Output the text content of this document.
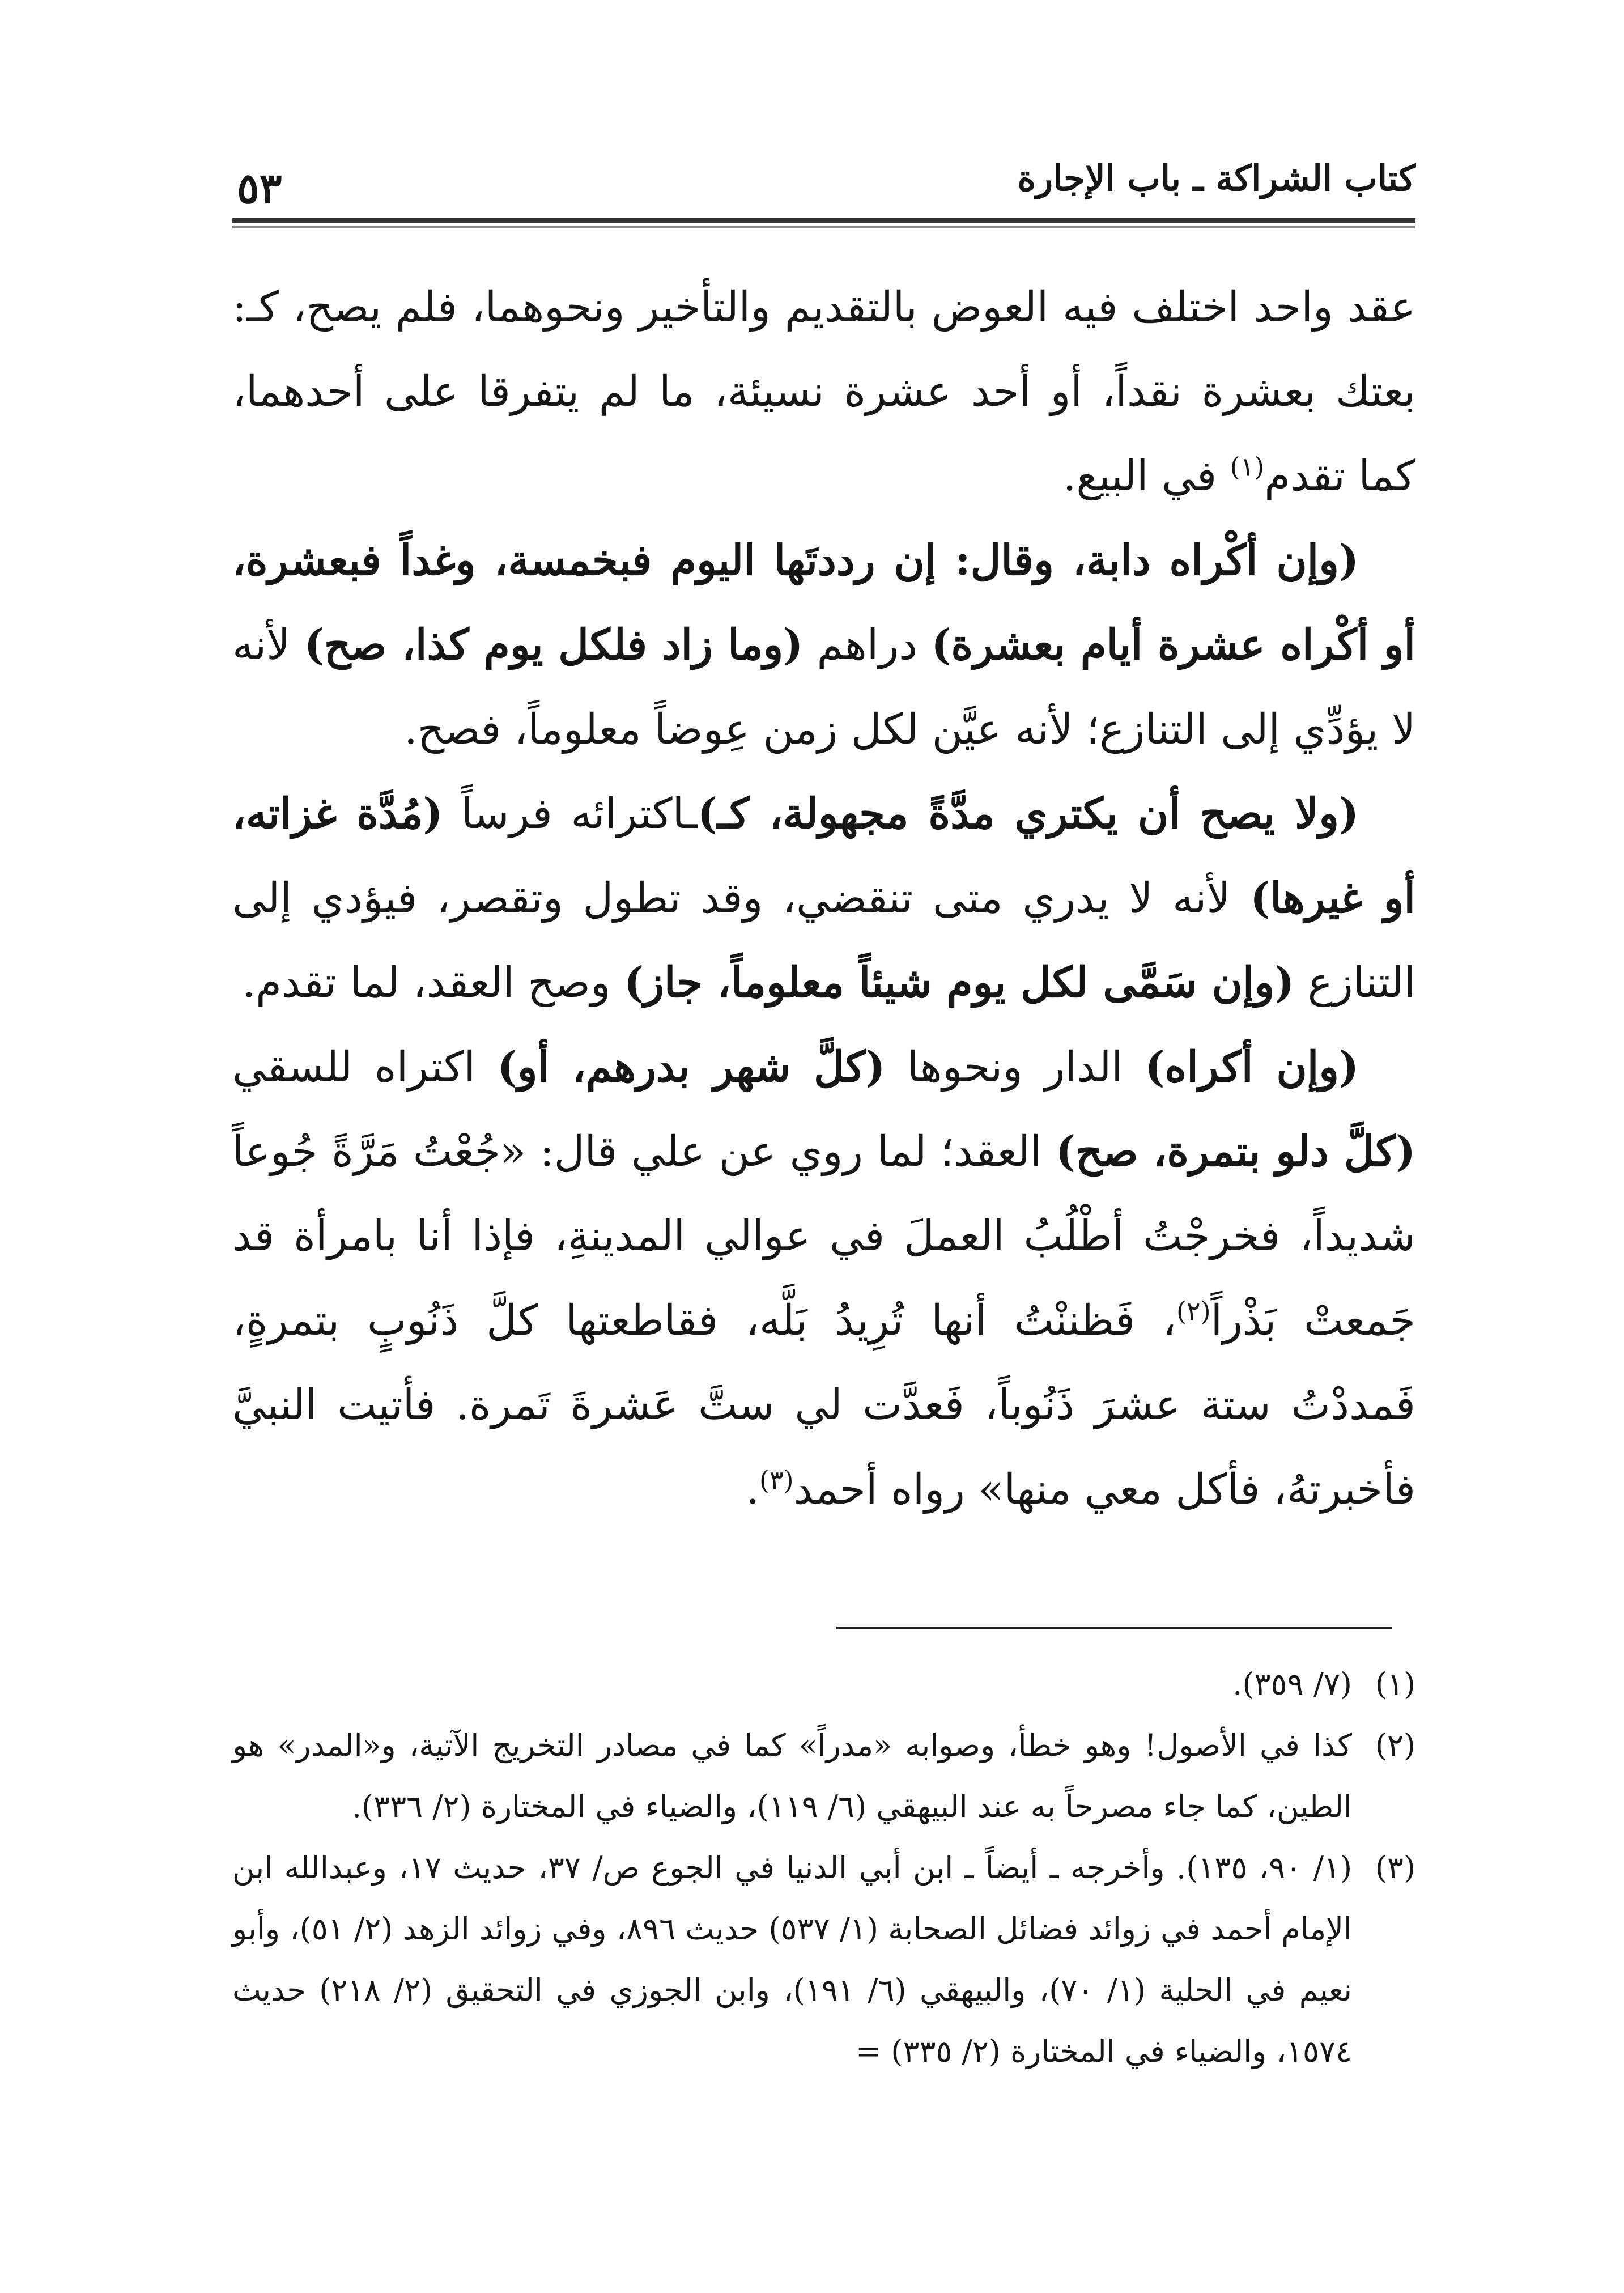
كتاب الشراكة ـ باب الإجارة
٥٣

عقد واحد اختلف فيه العوض بالتقديم والتأخير ونحوهما، فلم يصح، كـ: بعتك بعشرة نقداً، أو أحد عشرة نسيئة، ما لم يتفرقا على أحدهما، كما تقدم$^{(١)}$ في البيع.

(وإن أكْراه دابة، وقال: إن رددتَها اليوم فبخمسة، وغداً فبعشرة، أو أكْراه عشرة أيام بعشرة) دراهم (وما زاد فلكل يوم كذا، صح) لأنه لا يؤدِّي إلى التنازع؛ لأنه عيَّن لكل زمن عِوضاً معلوماً، فصح.

(ولا يصح أن يكتري مدَّةً مجهولة، كـ)ـاكترائه فرساً (مُدَّة غزاته، أو غيرها) لأنه لا يدري متى تنقضي، وقد تطول وتقصر، فيؤدي إلى التنازع (وإن سَمَّى لكل يوم شيئاً معلوماً، جاز) وصح العقد، لما تقدم.

(وإن أكراه) الدار ونحوها (كلَّ شهر بدرهم، أو) اكتراه للسقي (كلَّ دلو بتمرة، صح) العقد؛ لما روي عن علي قال: «جُعْتُ مَرَّةً جُوعاً شديداً، فخرجْتُ أطْلُبُ العملَ في عوالي المدينةِ، فإذا أنا بامرأة قد جَمعتْ بَذْراً$^{(٢)}$، فَظننْتُ أنها تُرِيدُ بَلَّه، فقاطعتها كلَّ ذَنُوبٍ بتمرةٍ، فَمددْتُ ستة عشرَ ذَنُوباً، فَعدَّت لي ستَّ عَشرةَ تَمرة. فأتيت النبيَّ فأخبرتهُ، فأكل معي منها» رواه أحمد$^{(٣)}$.

(١)
(٧/ ٣٥٩).
(٢)
كذا في الأصول! وهو خطأ، وصوابه «مدراً» كما في مصادر التخريج الآتية، و«المدر» هو الطين، كما جاء مصرحاً به عند البيهقي (٦/ ١١٩)، والضياء في المختارة (٢/ ٣٣٦).
(٣)
(١/ ٩٠، ١٣٥). وأخرجه ـ أيضاً ـ ابن أبي الدنيا في الجوع ص/ ٣٧، حديث ١٧، وعبدالله ابن الإمام أحمد في زوائد فضائل الصحابة (١/ ٥٣٧) حديث ٨٩٦، وفي زوائد الزهد (٢/ ٥١)، وأبو نعيم في الحلية (١/ ٧٠)، والبيهقي (٦/ ١٩١)، وابن الجوزي في التحقيق (٢/ ٢١٨) حديث ١٥٧٤، والضياء في المختارة (٢/ ٣٣٥) =
